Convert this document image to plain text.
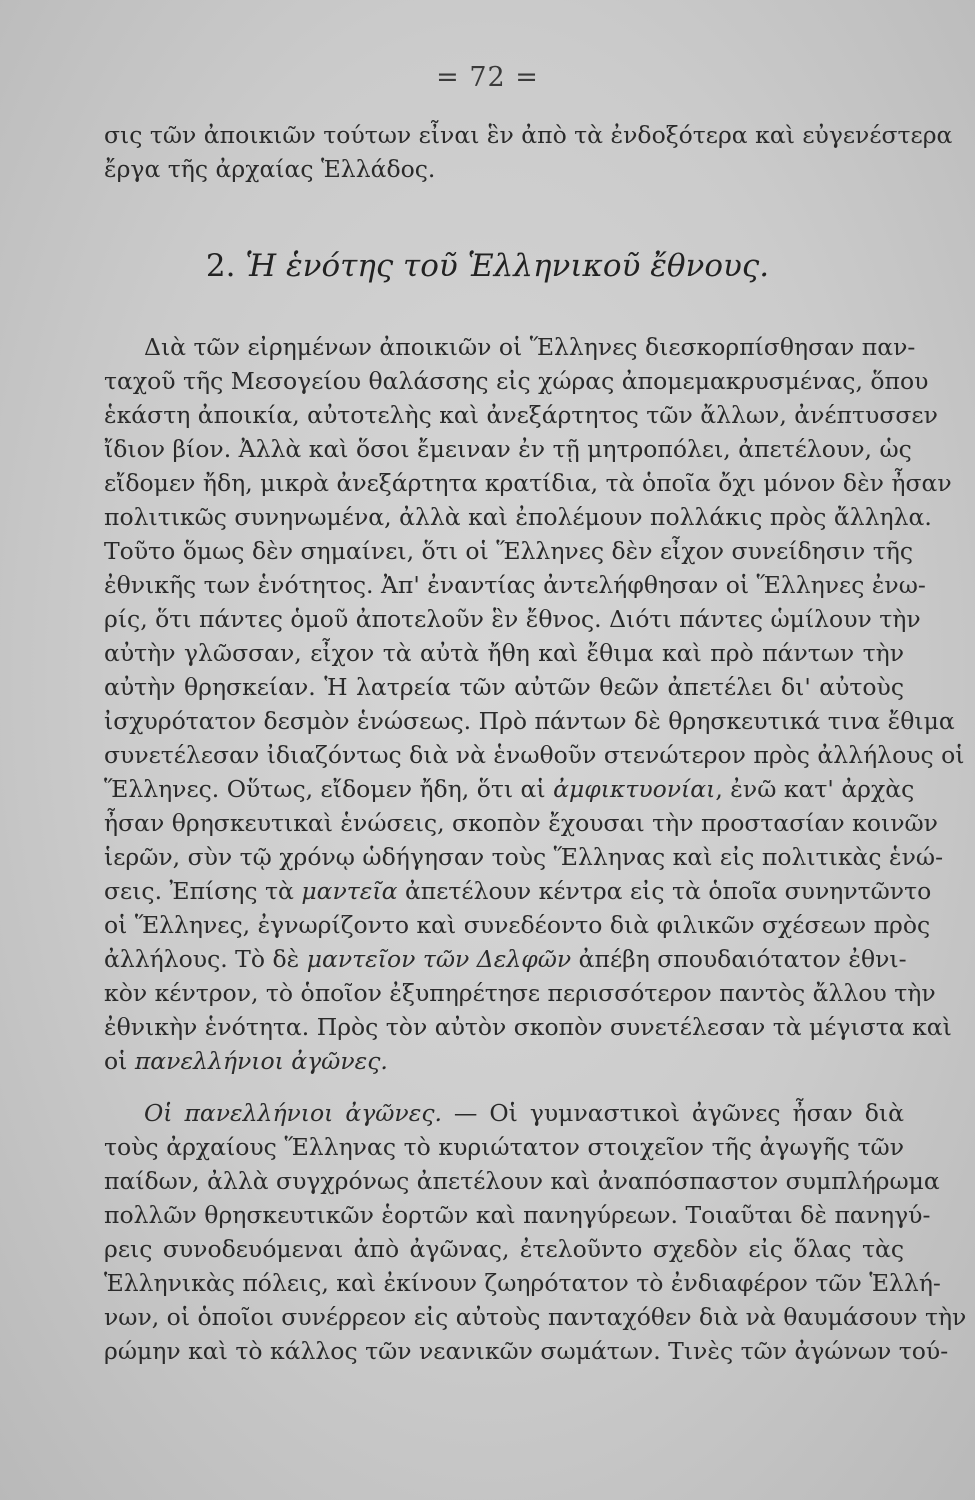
= 72 =
σις τῶν ἀποικιῶν τούτων εἶναι ἓν ἀπὸ τὰ ἐνδοξότερα καὶ εὐγενέστερα
ἔργα τῆς ἀρχαίας Ἑλλάδος.
2. Ἡ ἑνότης τοῦ Ἑλληνικοῦ ἔθνους.
Διὰ τῶν εἰρημένων ἀποικιῶν οἱ Ἕλληνες διεσκορπίσθησαν παν-
ταχοῦ τῆς Μεσογείου θαλάσσης εἰς χώρας ἀπομεμακρυσμένας, ὅπου
ἑκάστη ἀποικία, αὐτοτελὴς καὶ ἀνεξάρτητος τῶν ἄλλων, ἀνέπτυσσεν
ἴδιον βίον. Ἀλλὰ καὶ ὅσοι ἔμειναν ἐν τῇ μητροπόλει, ἀπετέλουν, ὡς
εἴδομεν ἤδη, μικρὰ ἀνεξάρτητα κρατίδια, τὰ ὁποῖα ὄχι μόνον δὲν ἦσαν
πολιτικῶς συνηνωμένα, ἀλλὰ καὶ ἐπολέμουν πολλάκις πρὸς ἄλληλα.
Τοῦτο ὅμως δὲν σημαίνει, ὅτι οἱ Ἕλληνες δὲν εἶχον συνείδησιν τῆς
ἐθνικῆς των ἑνότητος. Ἀπ' ἐναντίας ἀντελήφθησαν οἱ Ἕλληνες ἐνω-
ρίς, ὅτι πάντες ὁμοῦ ἀποτελοῦν ἓν ἔθνος. Διότι πάντες ὡμίλουν τὴν
αὐτὴν γλῶσσαν, εἶχον τὰ αὐτὰ ἤθη καὶ ἔθιμα καὶ πρὸ πάντων τὴν
αὐτὴν θρησκείαν. Ἡ λατρεία τῶν αὐτῶν θεῶν ἀπετέλει δι' αὐτοὺς
ἰσχυρότατον δεσμὸν ἑνώσεως. Πρὸ πάντων δὲ θρησκευτικά τινα ἔθιμα
συνετέλεσαν ἰδιαζόντως διὰ νὰ ἑνωθοῦν στενώτερον πρὸς ἀλλήλους οἱ
Ἕλληνες. Οὕτως, εἴδομεν ἤδη, ὅτι αἱ ἀμφικτυονίαι, ἐνῶ κατ' ἀρχὰς
ἦσαν θρησκευτικαὶ ἑνώσεις, σκοπὸν ἔχουσαι τὴν προστασίαν κοινῶν
ἱερῶν, σὺν τῷ χρόνῳ ὡδήγησαν τοὺς Ἕλληνας καὶ εἰς πολιτικὰς ἑνώ-
σεις. Ἐπίσης τὰ μαντεῖα ἀπετέλουν κέντρα εἰς τὰ ὁποῖα συνηντῶντο
οἱ Ἕλληνες, ἐγνωρίζοντο καὶ συνεδέοντο διὰ φιλικῶν σχέσεων πρὸς
ἀλλήλους. Τὸ δὲ μαντεῖον τῶν Δελφῶν ἀπέβη σπουδαιότατον ἐθνι-
κὸν κέντρον, τὸ ὁποῖον ἐξυπηρέτησε περισσότερον παντὸς ἄλλου τὴν
ἐθνικὴν ἑνότητα. Πρὸς τὸν αὐτὸν σκοπὸν συνετέλεσαν τὰ μέγιστα καὶ
οἱ πανελλήνιοι ἀγῶνες.
Οἱ πανελλήνιοι ἀγῶνες. — Οἱ γυμναστικοὶ ἀγῶνες ἦσαν διὰ
τοὺς ἀρχαίους Ἕλληνας τὸ κυριώτατον στοιχεῖον τῆς ἀγωγῆς τῶν
παίδων, ἀλλὰ συγχρόνως ἀπετέλουν καὶ ἀναπόσπαστον συμπλήρωμα
πολλῶν θρησκευτικῶν ἑορτῶν καὶ πανηγύρεων. Τοιαῦται δὲ πανηγύ-
ρεις συνοδευόμεναι ἀπὸ ἀγῶνας, ἐτελοῦντο σχεδὸν εἰς ὅλας τὰς
Ἑλληνικὰς πόλεις, καὶ ἐκίνουν ζωηρότατον τὸ ἐνδιαφέρον τῶν Ἑλλή-
νων, οἱ ὁποῖοι συνέρρεον εἰς αὐτοὺς πανταχόθεν διὰ νὰ θαυμάσουν τὴν
ρώμην καὶ τὸ κάλλος τῶν νεανικῶν σωμάτων. Τινὲς τῶν ἀγώνων τού-
